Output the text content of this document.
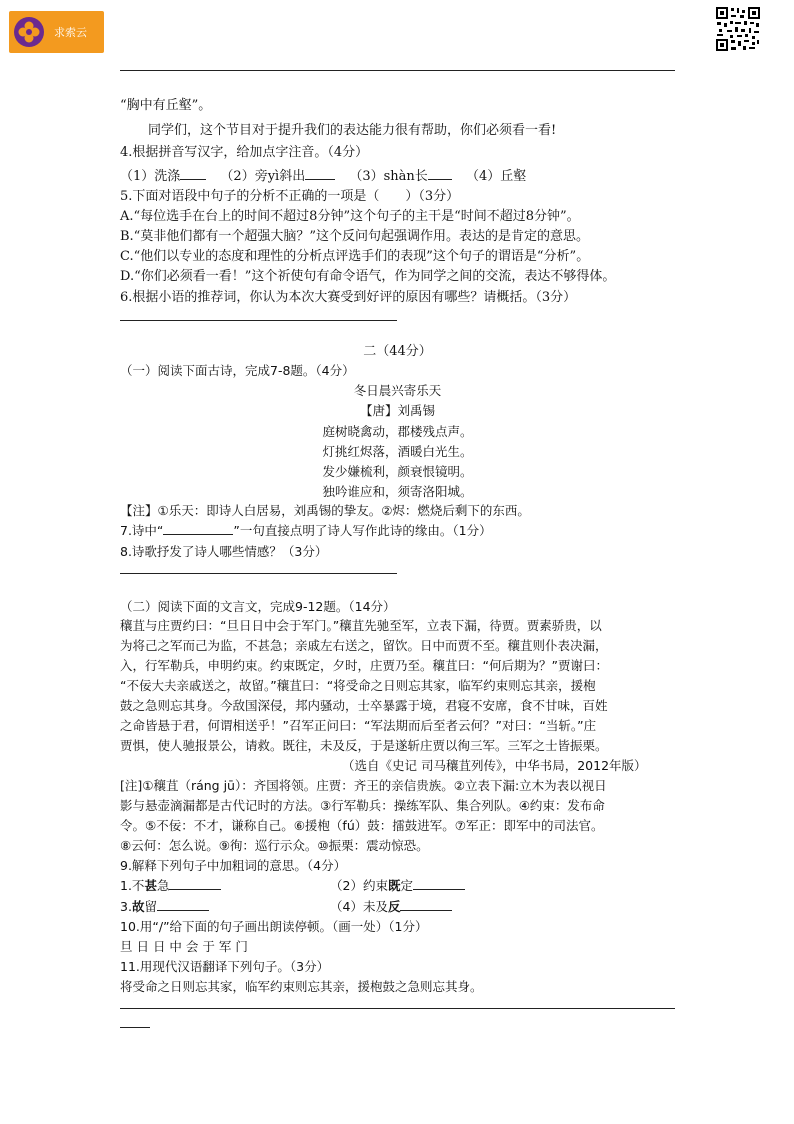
求索云
“胸中有丘壑”。
同学们，这个节目对于提升我们的表达能力很有帮助，你们必须看一看!
4.根据拼音写汉字，给加点字注音。（4分）
（1）洗涤	（2）旁yì斜出	（3）shàn长	（4）丘壑
5.下面对语段中句子的分析不正确的一项是（　　）（3分）
A.“每位选手在台上的时间不超过8分钟”这个句子的主干是“时间不超过8分钟”。
B.“莫非他们都有一个超强大脑？”这个反问句起强调作用。表达的是肯定的意思。
C.“他们以专业的态度和理性的分析点评选手们的表现”这个句子的谓语是“分析”。
D.“你们必须看一看！”这个祈使句有命令语气，作为同学之间的交流，表达不够得体。
6.根据小语的推荐词，你认为本次大赛受到好评的原因有哪些？请概括。（3分）
二（44分）
（一）阅读下面古诗，完成7-8题。（4分）
冬日晨兴寄乐天
【唐】刘禹锡
庭树晓禽动，郡楼残点声。
灯挑红烬落，酒暖白光生。
发少嫌梳利，颜衰恨镜明。
独吟谁应和，须寄洛阳城。
【注】①乐天：即诗人白居易，刘禹锡的挚友。②烬：燃烧后剩下的东西。
7.诗中“	”一句直接点明了诗人写作此诗的缘由。（1分）
8.诗歌抒发了诗人哪些情感？（3分）
（二）阅读下面的文言文，完成9-12题。（14分）
穰苴与庄贾约曰：“旦日日中会于军门。”穰苴先驰至军，立表下漏，待贾。贾素骄贵，以
为将己之军而己为监，不甚急；亲戚左右送之，留饮。日中而贾不至。穰苴则仆表决漏，
入，行军勒兵，申明约束。约束既定，夕时，庄贾乃至。穰苴曰：“何后期为？”贾谢曰：
“不佞大夫亲戚送之，故留。”穰苴曰：“将受命之日则忘其家，临军约束则忘其亲，援枹
鼓之急则忘其身。今敌国深侵，邦内骚动，士卒暴露于境，君寝不安席，食不甘味，百姓
之命皆悬于君，何谓相送乎！”召军正问曰：“军法期而后至者云何？”对曰：“当斩。”庄
贾惧，使人驰报景公，请救。既往，未及反，于是遂斩庄贾以徇三军。三军之士皆振栗。
（选自《史记 司马穰苴列传》，中华书局，2012年版）
[注]①穰苴（ráng jū）：齐国将领。庄贾：齐王的亲信贵族。②立表下漏:立木为表以视日
影与悬壶滴漏都是古代记时的方法。③行军勒兵：操练军队、集合列队。④约束：发布命
令。⑤不佞：不才，谦称自己。⑥援枹（fú）鼓：擂鼓进军。⑦军正：即军中的司法官。
⑧云何：怎么说。⑨徇：巡行示众。⑩振栗：震动惊恐。
9.解释下列句子中加粗词的意思。（4分）
1.不甚急	（2）约束既定
3.故留	（4）未及反
10.用“/”给下面的句子画出朗读停顿。（画一处）（1分）
旦 日 日 中 会 于 军 门
11.用现代汉语翻译下列句子。（3分）
将受命之日则忘其家，临军约束则忘其亲，援枹鼓之急则忘其身。
